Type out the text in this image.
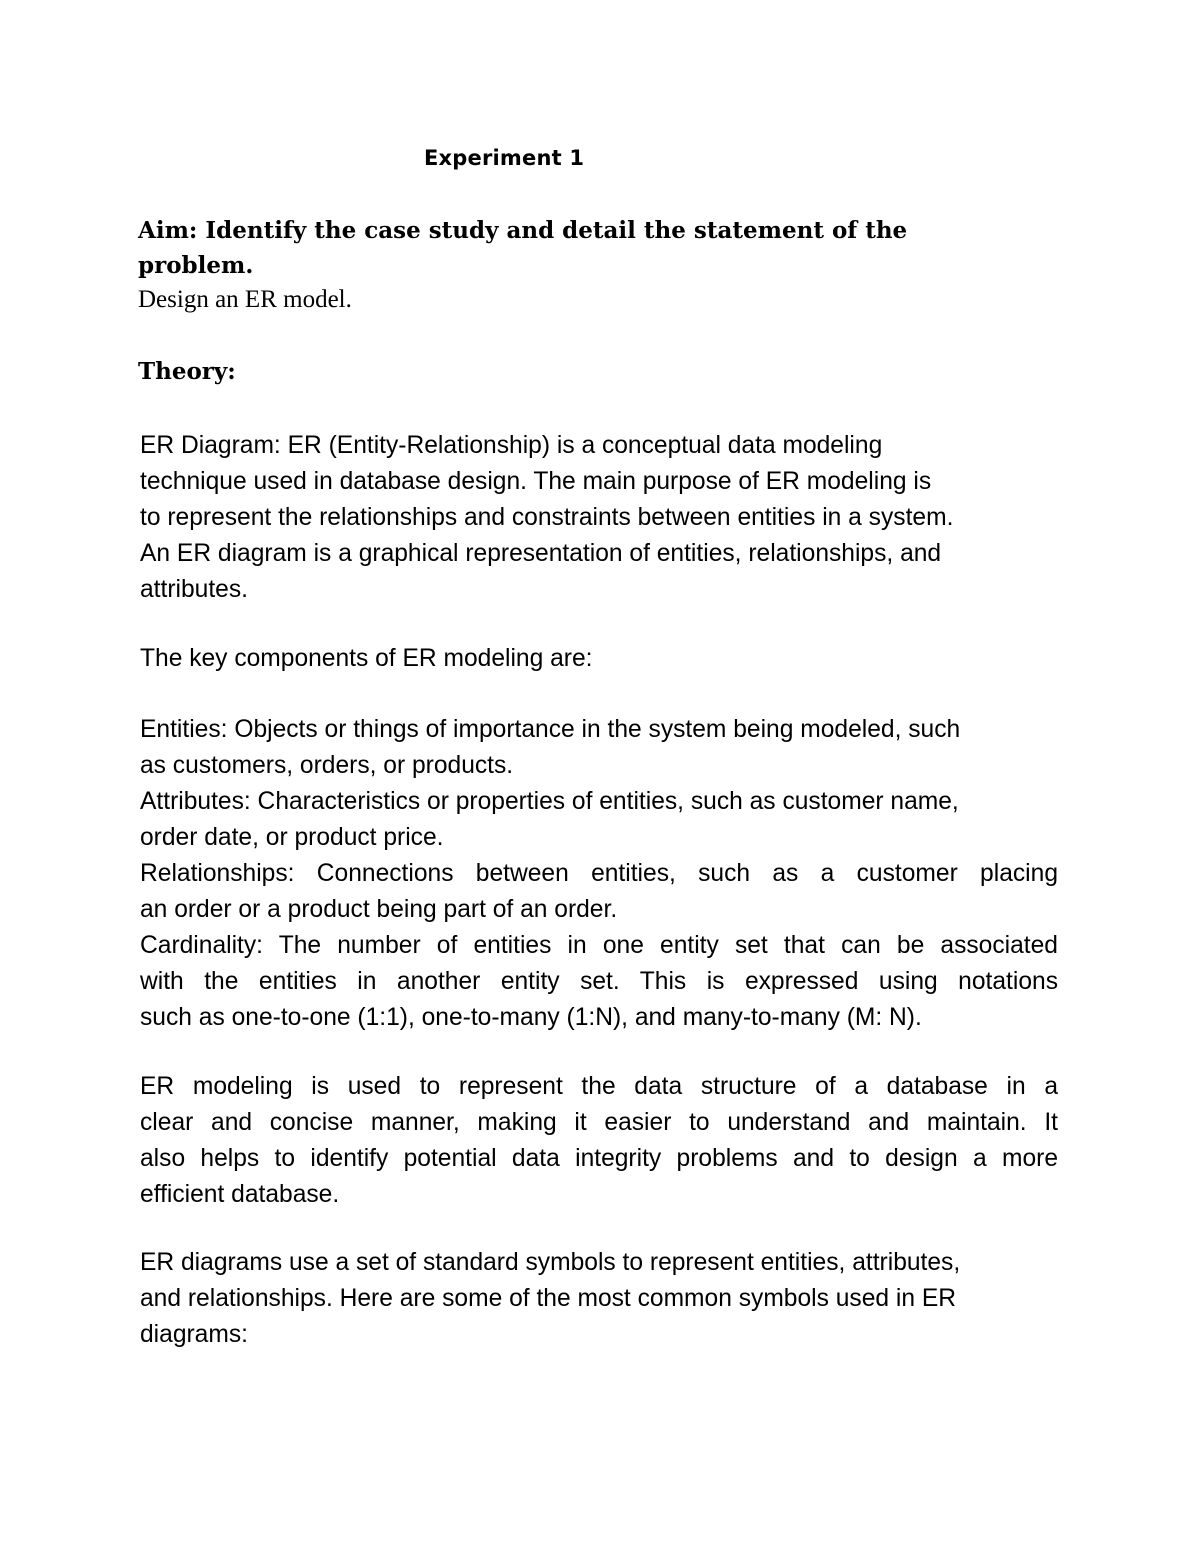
Experiment 1
Aim: Identify the case study and detail the statement of the
problem.
Design an ER model.
Theory:
ER Diagram: ER (Entity-Relationship) is a conceptual data modeling
technique used in database design. The main purpose of ER modeling is
to represent the relationships and constraints between entities in a system.
An ER diagram is a graphical representation of entities, relationships, and
attributes.
The key components of ER modeling are:
Entities: Objects or things of importance in the system being modeled, such
as customers, orders, or products.
Attributes: Characteristics or properties of entities, such as customer name,
order date, or product price.
Relationships: Connections between entities, such as a customer placing
an order or a product being part of an order.
Cardinality: The number of entities in one entity set that can be associated
with the entities in another entity set. This is expressed using notations
such as one-to-one (1:1), one-to-many (1:N), and many-to-many (M: N).
ER modeling is used to represent the data structure of a database in a
clear and concise manner, making it easier to understand and maintain. It
also helps to identify potential data integrity problems and to design a more
efficient database.
ER diagrams use a set of standard symbols to represent entities, attributes,
and relationships. Here are some of the most common symbols used in ER
diagrams:
